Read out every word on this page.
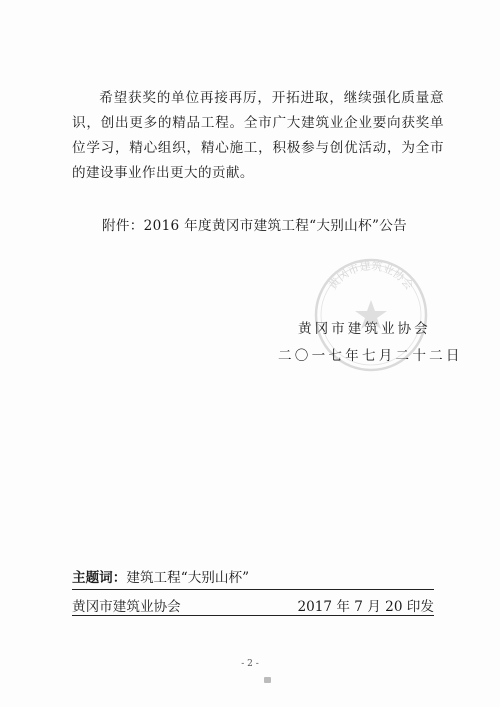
希望获奖的单位再接再厉，开拓进取，继续强化质量意识，创出更多的精品工程。全市广大建筑业企业要向获奖单位学习，精心组织，精心施工，积极参与创优活动，为全市的建设事业作出更大的贡献。

附件：2016 年度黄冈市建筑工程“大别山杯”公告

黄冈市建筑业协会

黄冈市建筑业协会

二〇一七年七月二十二日

主题词：建筑工程“大别山杯”
黄冈市建筑业协会	2017 年 7 月 20 印发
- 2 -
